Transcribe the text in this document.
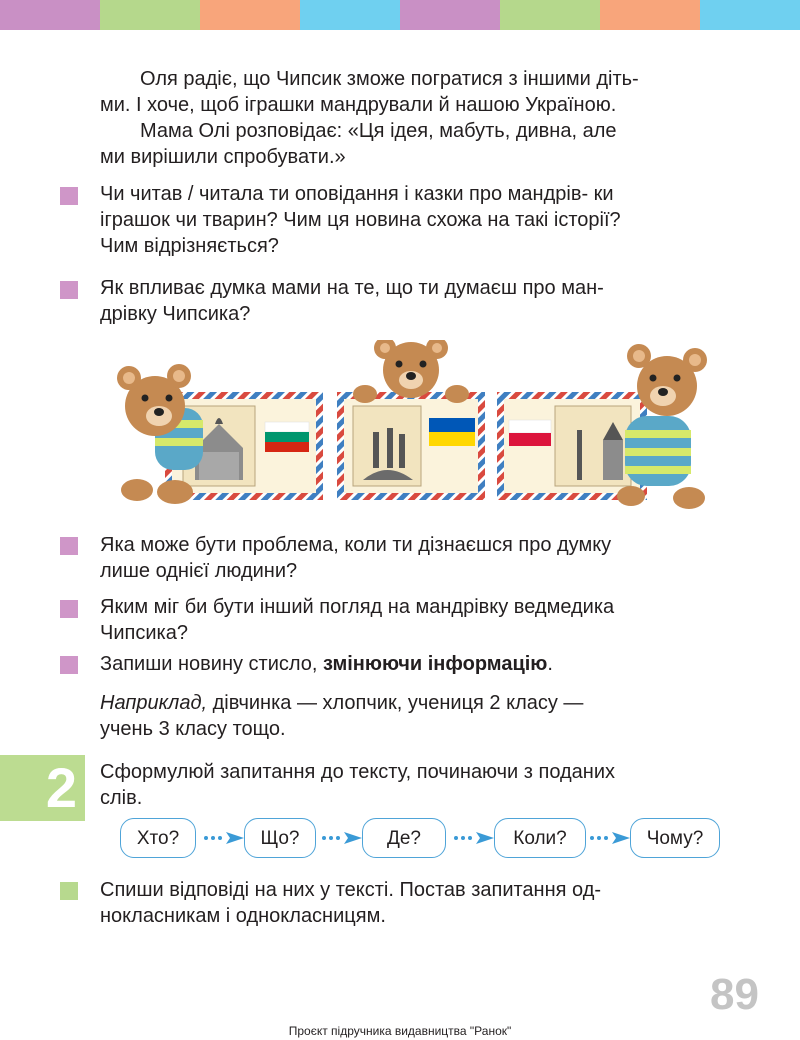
Оля радіє, що Чипсик зможе погратися з іншими діть-

ми. І хоче, щоб іграшки мандрували й нашою Україною.

Мама Олі розповідає: «Ця ідея, мабуть, дивна, але

ми вирішили спробувати.»

Чи читав / читала ти оповідання і казки про мандрів- ки

іграшок чи тварин? Чим ця новина схожа на такі історії?

Чим відрізняється?

Як впливає думка мами на те, що ти думаєш про ман-

дрівку Чипсика?

Яка може бути проблема, коли ти дізнаєшся про думку

лише однієї людини?

Яким міг би бути інший погляд на мандрівку ведмедика

Чипсика?

Запиши новину стисло, змінюючи інформацію.

Наприклад, дівчинка — хлопчик, учениця 2 класу —

учень 3 класу тощо.

2	Сформулюй запитання до тексту, починаючи з поданих

слів.

Хто?	Що?	Де?	Коли?	Чому?

Спиши відповіді на них у тексті. Постав запитання од-

нокласникам і однокласницям.

89
Проєкт підручника видавництва "Ранок"
